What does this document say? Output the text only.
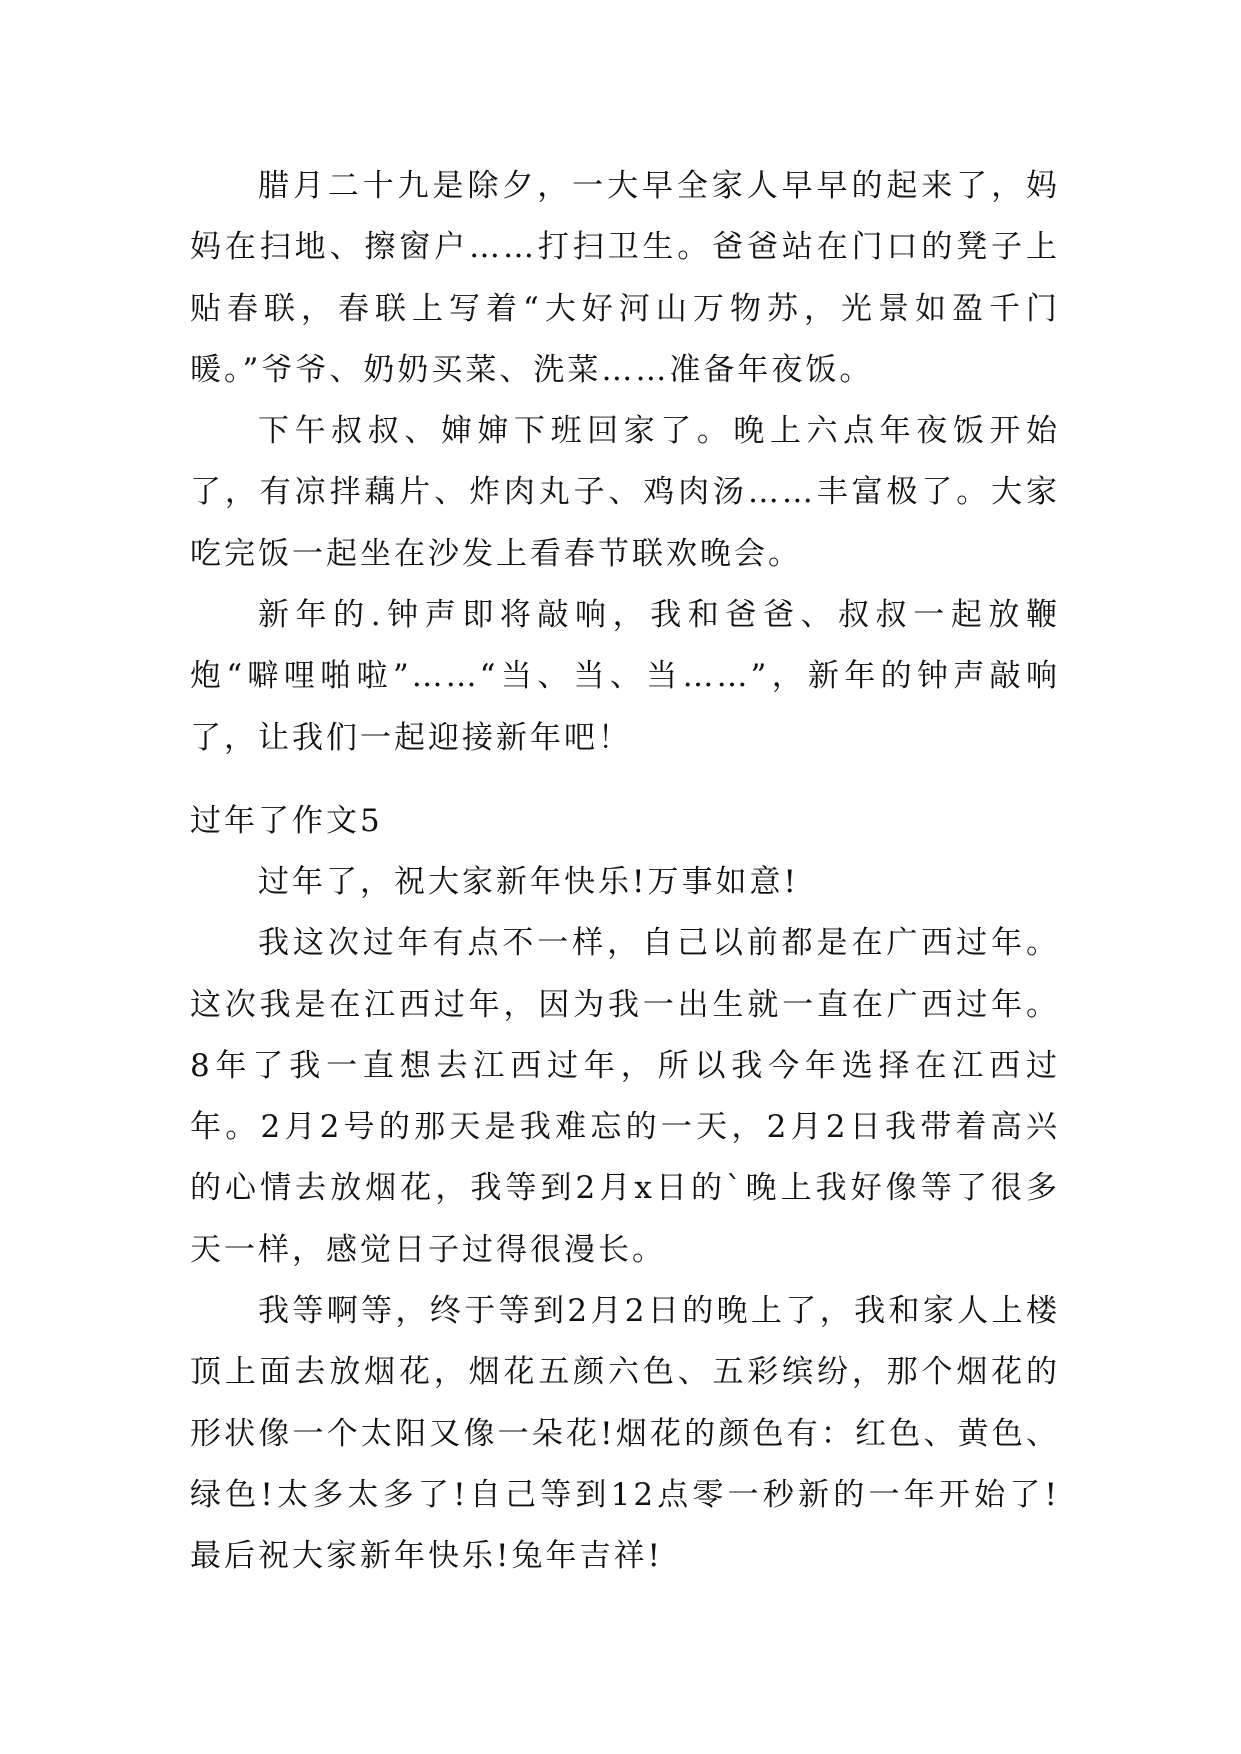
腊月二十九是除夕，一大早全家人早早的起来了，妈妈在扫地、擦窗户……打扫卫生。爸爸站在门口的凳子上贴春联，春联上写着“大好河山万物苏，光景如盈千门暖。”爷爷、奶奶买菜、洗菜……准备年夜饭。

下午叔叔、婶婶下班回家了。晚上六点年夜饭开始了，有凉拌藕片、炸肉丸子、鸡肉汤……丰富极了。大家吃完饭一起坐在沙发上看春节联欢晚会。

新年的.钟声即将敲响，我和爸爸、叔叔一起放鞭炮“噼哩啪啦”……“当、当、当……”，新年的钟声敲响了，让我们一起迎接新年吧！

过年了作文5

过年了，祝大家新年快乐!万事如意!

我这次过年有点不一样，自己以前都是在广西过年。这次我是在江西过年，因为我一出生就一直在广西过年。8年了我一直想去江西过年，所以我今年选择在江西过年。2月2号的那天是我难忘的一天，2月2日我带着高兴的心情去放烟花，我等到2月x日的`晚上我好像等了很多天一样，感觉日子过得很漫长。

我等啊等，终于等到2月2日的晚上了，我和家人上楼顶上面去放烟花，烟花五颜六色、五彩缤纷，那个烟花的形状像一个太阳又像一朵花!烟花的颜色有：红色、黄色、绿色!太多太多了!自己等到12点零一秒新的一年开始了!最后祝大家新年快乐!兔年吉祥!
